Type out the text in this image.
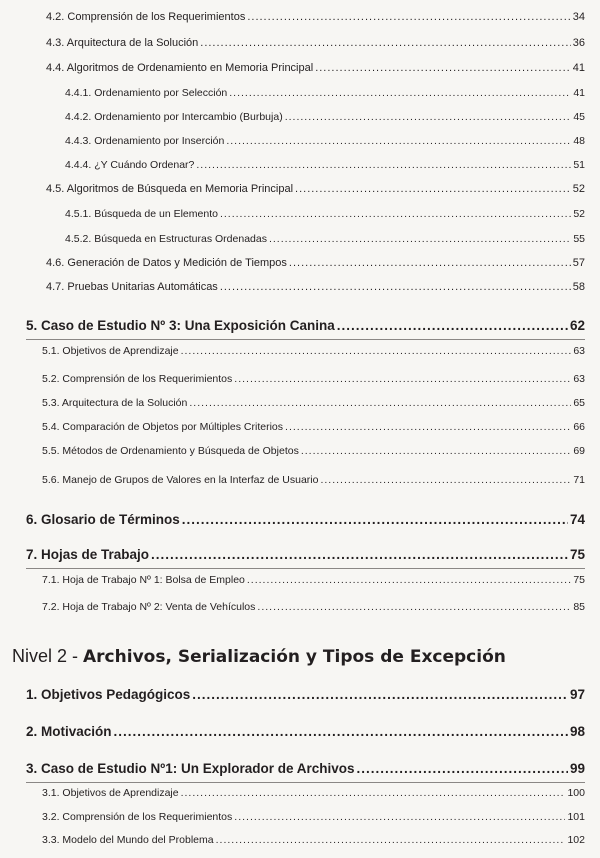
4.2. Comprensión de los Requerimientos .....	34
4.3. Arquitectura de la Solución .....	36
4.4. Algoritmos de Ordenamiento en Memoria Principal .....	41
4.4.1. Ordenamiento por Selección .....	41
4.4.2. Ordenamiento por Intercambio (Burbuja) .....	45
4.4.3. Ordenamiento por Inserción .....	48
4.4.4. ¿Y Cuándo Ordenar? .....	51
4.5. Algoritmos de Búsqueda en Memoria Principal .....	52
4.5.1. Búsqueda de un Elemento .....	52
4.5.2. Búsqueda en Estructuras Ordenadas .....	55
4.6. Generación de Datos y Medición de Tiempos .....	57
4.7. Pruebas Unitarias Automáticas .....	58
5. Caso de Estudio Nº 3: Una Exposición Canina .....	62
5.1. Objetivos de Aprendizaje .....	63
5.2. Comprensión de los Requerimientos .....	63
5.3. Arquitectura de la Solución .....	65
5.4. Comparación de Objetos por Múltiples Criterios .....	66
5.5. Métodos de Ordenamiento y Búsqueda de Objetos .....	69
5.6. Manejo de Grupos de Valores en la Interfaz de Usuario .....	71
6. Glosario de Términos .....	74
7. Hojas de Trabajo .....	75
7.1. Hoja de Trabajo Nº 1: Bolsa de Empleo .....	75
7.2. Hoja de Trabajo Nº 2: Venta de Vehículos .....	85
Nivel 2 - Archivos, Serialización y Tipos de Excepción
1. Objetivos Pedagógicos .....	97
2. Motivación .....	98
3. Caso de Estudio Nº1: Un Explorador de Archivos .....	99
3.1. Objetivos de Aprendizaje .....	100
3.2. Comprensión de los Requerimientos .....	101
3.3. Modelo del Mundo del Problema .....	102
